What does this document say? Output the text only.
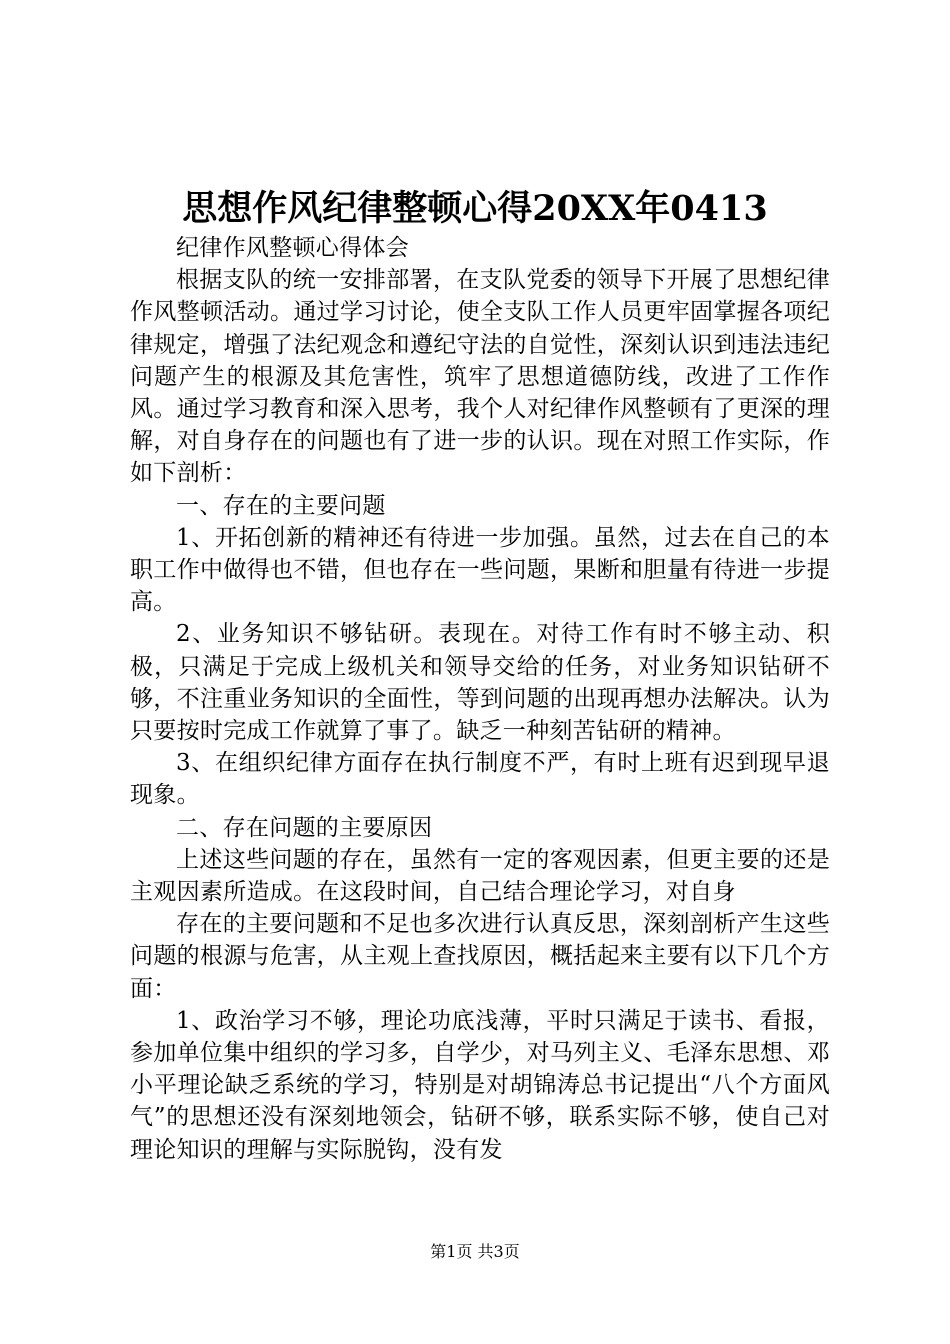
思想作风纪律整顿心得20XX年0413

纪律作风整顿心得体会

根据支队的统一安排部署，在支队党委的领导下开展了思想纪律作风整顿活动。通过学习讨论，使全支队工作人员更牢固掌握各项纪律规定，增强了法纪观念和遵纪守法的自觉性，深刻认识到违法违纪问题产生的根源及其危害性，筑牢了思想道德防线，改进了工作作风。通过学习教育和深入思考，我个人对纪律作风整顿有了更深的理解，对自身存在的问题也有了进一步的认识。现在对照工作实际，作如下剖析：

一、存在的主要问题

1、开拓创新的精神还有待进一步加强。虽然，过去在自己的本职工作中做得也不错，但也存在一些问题，果断和胆量有待进一步提高。

2、业务知识不够钻研。表现在。对待工作有时不够主动、积极，只满足于完成上级机关和领导交给的任务，对业务知识钻研不够，不注重业务知识的全面性，等到问题的出现再想办法解决。认为只要按时完成工作就算了事了。缺乏一种刻苦钻研的精神。

3、在组织纪律方面存在执行制度不严，有时上班有迟到现早退现象。

二、存在问题的主要原因

上述这些问题的存在，虽然有一定的客观因素，但更主要的还是主观因素所造成。在这段时间，自己结合理论学习，对自身

存在的主要问题和不足也多次进行认真反思，深刻剖析产生这些问题的根源与危害，从主观上查找原因，概括起来主要有以下几个方面：

1、政治学习不够，理论功底浅薄，平时只满足于读书、看报，参加单位集中组织的学习多，自学少，对马列主义、毛泽东思想、邓小平理论缺乏系统的学习，特别是对胡锦涛总书记提出“八个方面风气”的思想还没有深刻地领会，钻研不够，联系实际不够，使自己对理论知识的理解与实际脱钩，没有发

第1页 共3页
